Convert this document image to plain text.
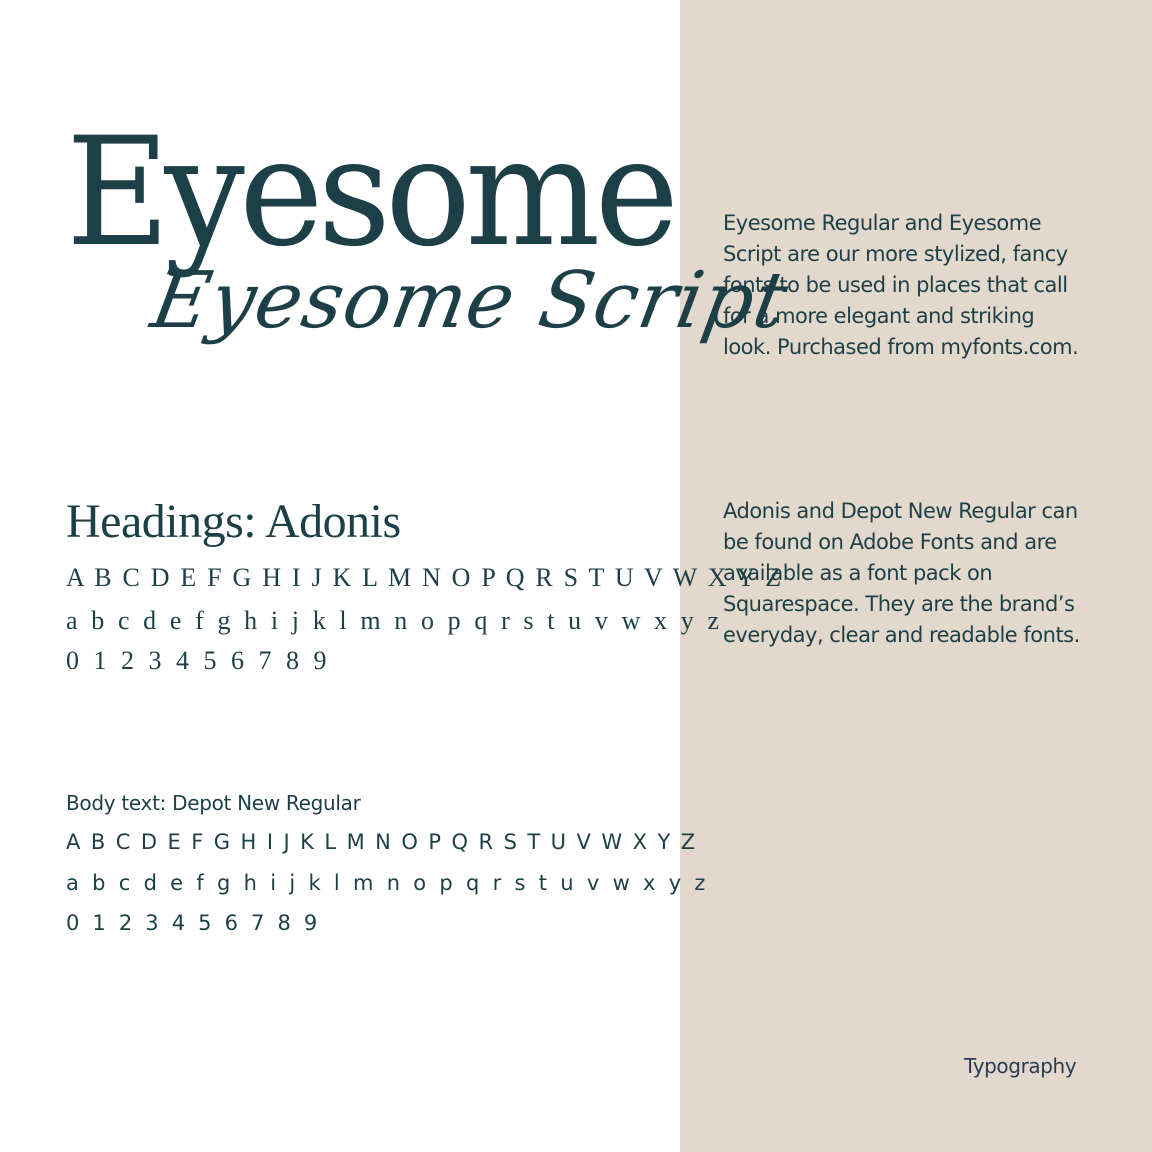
Eyesome
Eyesome Script
Headings: Adonis
A B C D E F G H I J K L M N O P Q R S T U V W X Y Z
a b c d e f g h i j k l m n o p q r s t u v w x y z
0 1 2 3 4 5 6 7 8 9
Body text: Depot New Regular
A B C D E F G H I J K L M N O P Q R S T U V W X Y Z
a b c d e f g h i j k l m n o p q r s t u v w x y z
0 1 2 3 4 5 6 7 8 9
Eyesome Regular and Eyesome Script are our more stylized, fancy fonts to be used in places that call for a more elegant and striking look. Purchased from myfonts.com.
Adonis and Depot New Regular can be found on Adobe Fonts and are available as a font pack on Squarespace. They are the brand’s everyday, clear and readable fonts.
Typography
